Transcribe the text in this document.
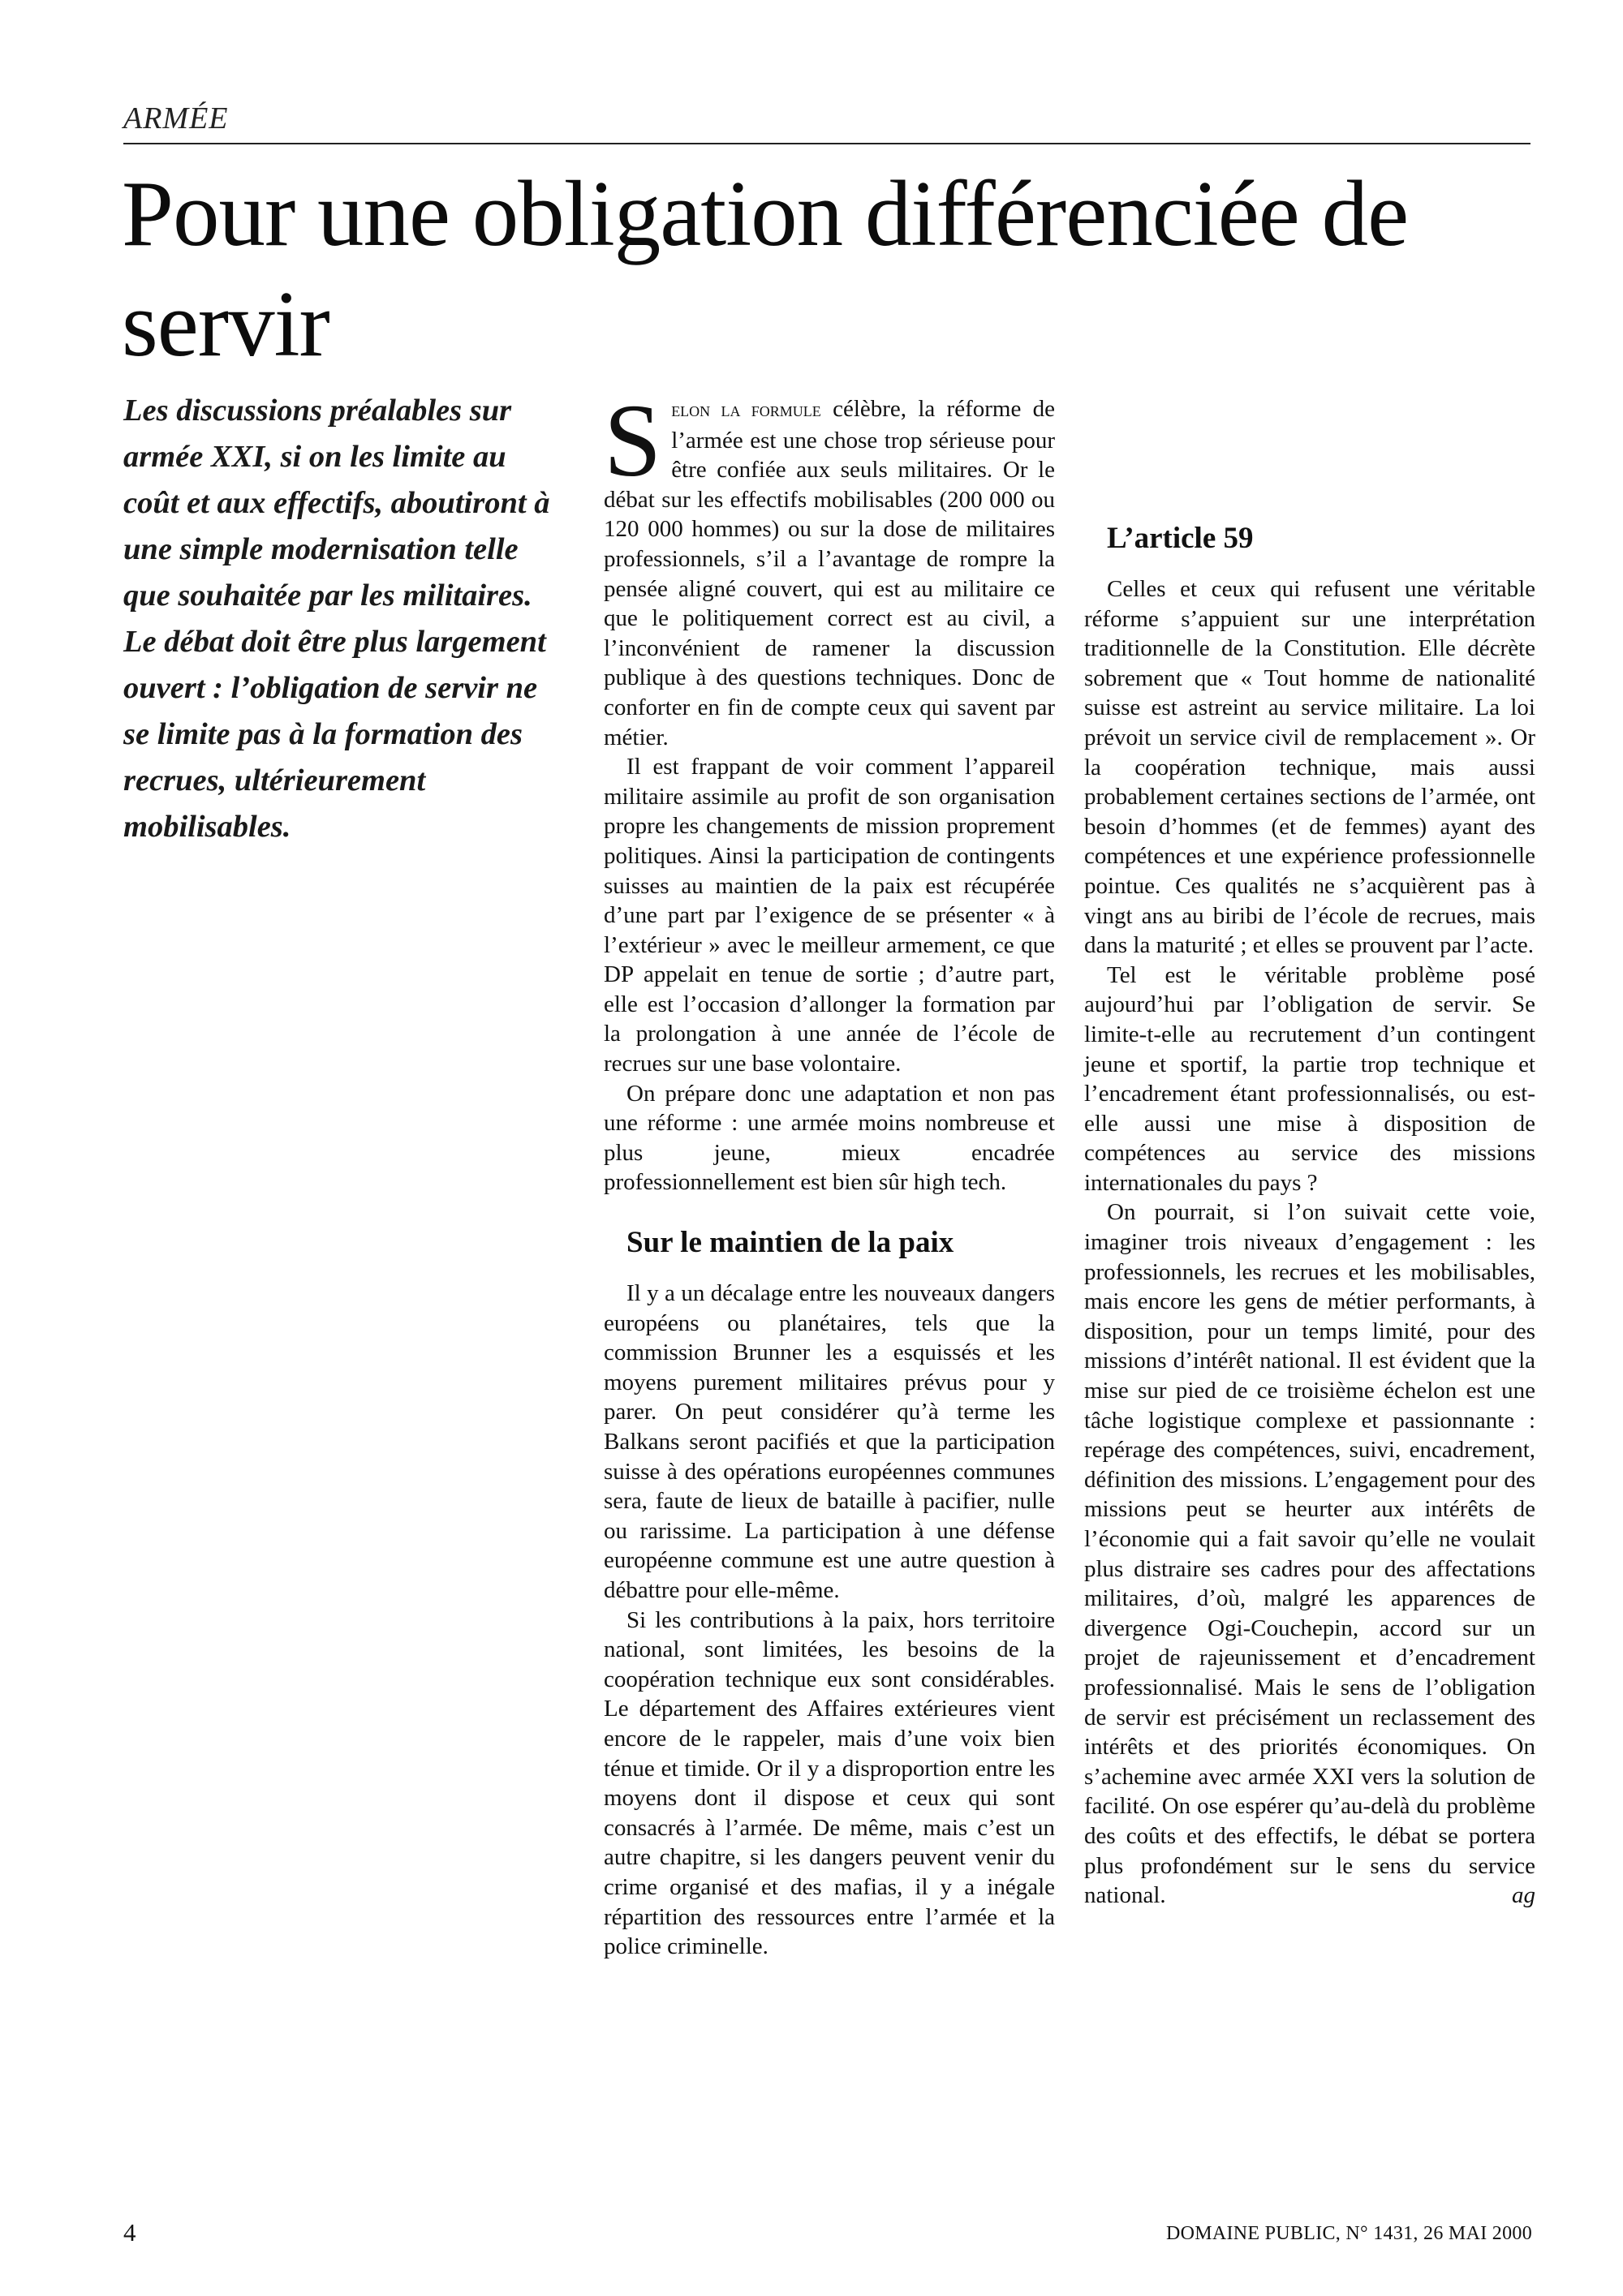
ARMÉE
Pour une obligation différenciée de servir

Les discussions préalables sur armée XXI, si on les limite au coût et aux effectifs, aboutiront à une simple modernisation telle que souhaitée par les militaires.

Le débat doit être plus largement ouvert : l’obligation de servir ne se limite pas à la formation des recrues, ultérieurement mobilisables.

Selon la formule célèbre, la réforme de l’armée est une chose trop sérieuse pour être confiée aux seuls militaires. Or le débat sur les effectifs mobilisables (200 000 ou 120 000 hommes) ou sur la dose de militaires professionnels, s’il a l’avantage de rompre la pensée aligné couvert, qui est au militaire ce que le politiquement correct est au civil, a l’inconvénient de ramener la discussion publique à des questions techniques. Donc de conforter en fin de compte ceux qui savent par métier.

Il est frappant de voir comment l’appareil militaire assimile au profit de son organisation propre les changements de mission proprement politiques. Ainsi la participation de contingents suisses au maintien de la paix est récupérée d’une part par l’exigence de se présenter « à l’extérieur » avec le meilleur armement, ce que DP appelait en tenue de sortie ; d’autre part, elle est l’occasion d’allonger la formation par la prolongation à une année de l’école de recrues sur une base volontaire.

On prépare donc une adaptation et non pas une réforme : une armée moins nombreuse et plus jeune, mieux encadrée professionnellement est bien sûr high tech.

Sur le maintien de la paix

Il y a un décalage entre les nouveaux dangers européens ou planétaires, tels que la commission Brunner les a esquissés et les moyens purement militaires prévus pour y parer. On peut considérer qu’à terme les Balkans seront pacifiés et que la participation suisse à des opérations européennes communes sera, faute de lieux de bataille à pacifier, nulle ou rarissime. La participation à une défense européenne commune est une autre question à débattre pour elle-même.

Si les contributions à la paix, hors territoire national, sont limitées, les besoins de la coopération technique eux sont considérables. Le département des Affaires extérieures vient encore de le rappeler, mais d’une voix bien ténue et timide. Or il y a disproportion entre les moyens dont il dispose et ceux qui sont consacrés à l’armée. De même, mais c’est un autre chapitre, si les dangers peuvent venir du crime organisé et des mafias, il y a inégale répartition des ressources entre l’armée et la police criminelle.

L’article 59

Celles et ceux qui refusent une véritable réforme s’appuient sur une interprétation traditionnelle de la Constitution. Elle décrète sobrement que « Tout homme de nationalité suisse est astreint au service militaire. La loi prévoit un service civil de remplacement ». Or la coopération technique, mais aussi probablement certaines sections de l’armée, ont besoin d’hommes (et de femmes) ayant des compétences et une expérience professionnelle pointue. Ces qualités ne s’acquièrent pas à vingt ans au biribi de l’école de recrues, mais dans la maturité ; et elles se prouvent par l’acte.

Tel est le véritable problème posé aujourd’hui par l’obligation de servir. Se limite-t-elle au recrutement d’un contingent jeune et sportif, la partie trop technique et l’encadrement étant professionnalisés, ou est-elle aussi une mise à disposition de compétences au service des missions internationales du pays ?

On pourrait, si l’on suivait cette voie, imaginer trois niveaux d’engagement : les professionnels, les recrues et les mobilisables, mais encore les gens de métier performants, à disposition, pour un temps limité, pour des missions d’intérêt national. Il est évident que la mise sur pied de ce troisième échelon est une tâche logistique complexe et passionnante : repérage des compétences, suivi, encadrement, définition des missions. L’engagement pour des missions peut se heurter aux intérêts de l’économie qui a fait savoir qu’elle ne voulait plus distraire ses cadres pour des affectations militaires, d’où, malgré les apparences de divergence Ogi-Couchepin, accord sur un projet de rajeunissement et d’encadrement professionnalisé. Mais le sens de l’obligation de servir est précisément un reclassement des intérêts et des priorités économiques. On s’achemine avec armée XXI vers la solution de facilité. On ose espérer qu’au-delà du problème des coûts et des effectifs, le débat se portera plus profondément sur le sens du service national.	ag

4	DOMAINE PUBLIC, N° 1431, 26 MAI 2000
